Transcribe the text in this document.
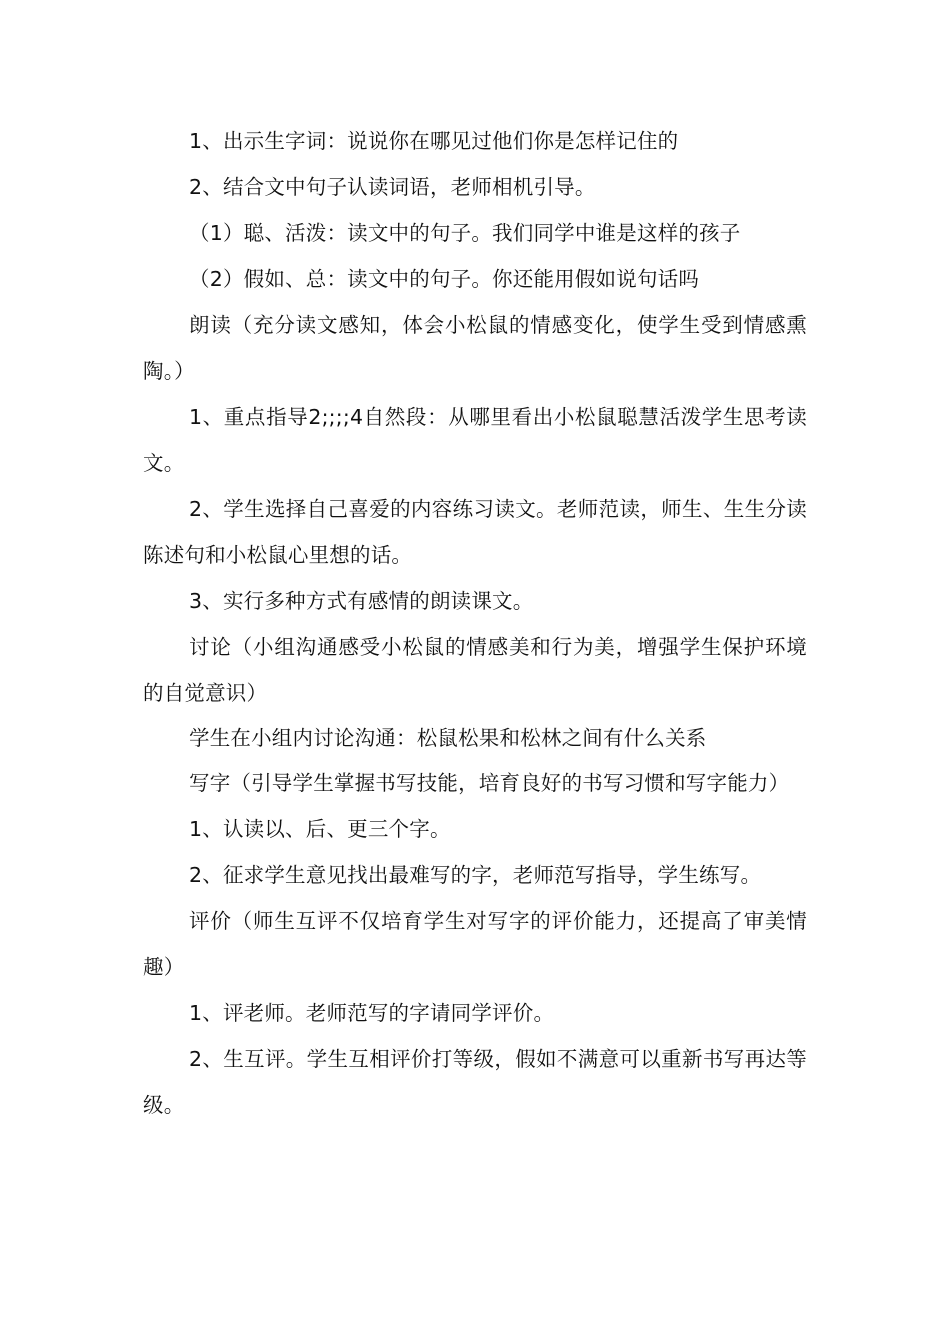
1、出示生字词：说说你在哪见过他们你是怎样记住的

2、结合文中句子认读词语，老师相机引导。

（1）聪、活泼：读文中的句子。我们同学中谁是这样的孩子

（2）假如、总：读文中的句子。你还能用假如说句话吗

朗读（充分读文感知，体会小松鼠的情感变化，使学生受到情感熏陶。）

1、重点指导2;;;;4自然段：从哪里看出小松鼠聪慧活泼学生思考读文。

2、学生选择自己喜爱的内容练习读文。老师范读，师生、生生分读陈述句和小松鼠心里想的话。

3、实行多种方式有感情的朗读课文。

讨论（小组沟通感受小松鼠的情感美和行为美，增强学生保护环境的自觉意识）

学生在小组内讨论沟通：松鼠松果和松林之间有什么关系

写字（引导学生掌握书写技能，培育良好的书写习惯和写字能力）

1、认读以、后、更三个字。

2、征求学生意见找出最难写的字，老师范写指导，学生练写。

评价（师生互评不仅培育学生对写字的评价能力，还提高了审美情趣）

1、评老师。老师范写的字请同学评价。

2、生互评。学生互相评价打等级，假如不满意可以重新书写再达等级。
